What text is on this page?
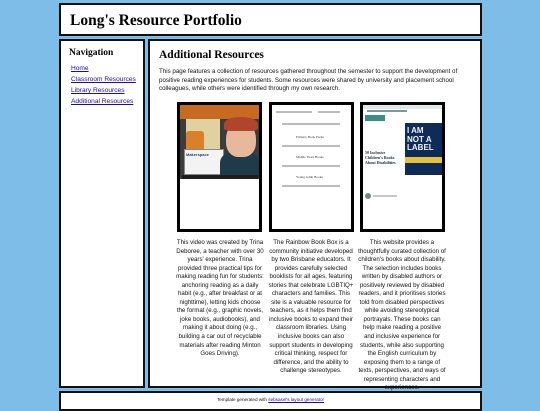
Long's Resource Portfolio
Navigation
Home
Classroom Resources
Library Resources
Additional Resources
Additional Resources

This page features a collection of resources gathered throughout the semester to support the development of positive reading experiences for students. Some resources were shared by university and placement school colleagues, while others were identified through my own research.

Makerspace
Primary Book Packs
Middle Years Books
Young Adult Books
50 Inclusive Children's Books About Disabilities
I AM NOT A LABEL

This video was created by Trina Deboree, a teacher with over 30 years' experience. Trina provided three practical tips for making reading fun for students: anchoring reading as a daily habit (e.g., after breakfast or at nighttime), letting kids choose the format (e.g., graphic novels, joke books, audiobooks), and making it about doing (e.g., building a car out of recyclable materials after reading Minton Goes Driving).

The Rainbow Book Box is a community initiative developed by two Brisbane educators. It provides carefully selected booklists for all ages, featuring stories that celebrate LGBTIQ+ characters and families. This site is a valuable resource for teachers, as it helps them find inclusive books to expand their classroom libraries. Using inclusive books can also support students in developing critical thinking, respect for difference, and the ability to challenge stereotypes.

This website provides a thoughtfully curated collection of children's books about disability. The selection includes books written by disabled authors or positively reviewed by disabled readers, and it prioritises stories told from disabled perspectives while avoiding stereotypical portrayals. These books can help make reading a positive and inclusive experience for students, while also supporting the English curriculum by exposing them to a range of texts, perspectives, and ways of representing characters and experiences.

Template generated with sebsasel's layout generator
